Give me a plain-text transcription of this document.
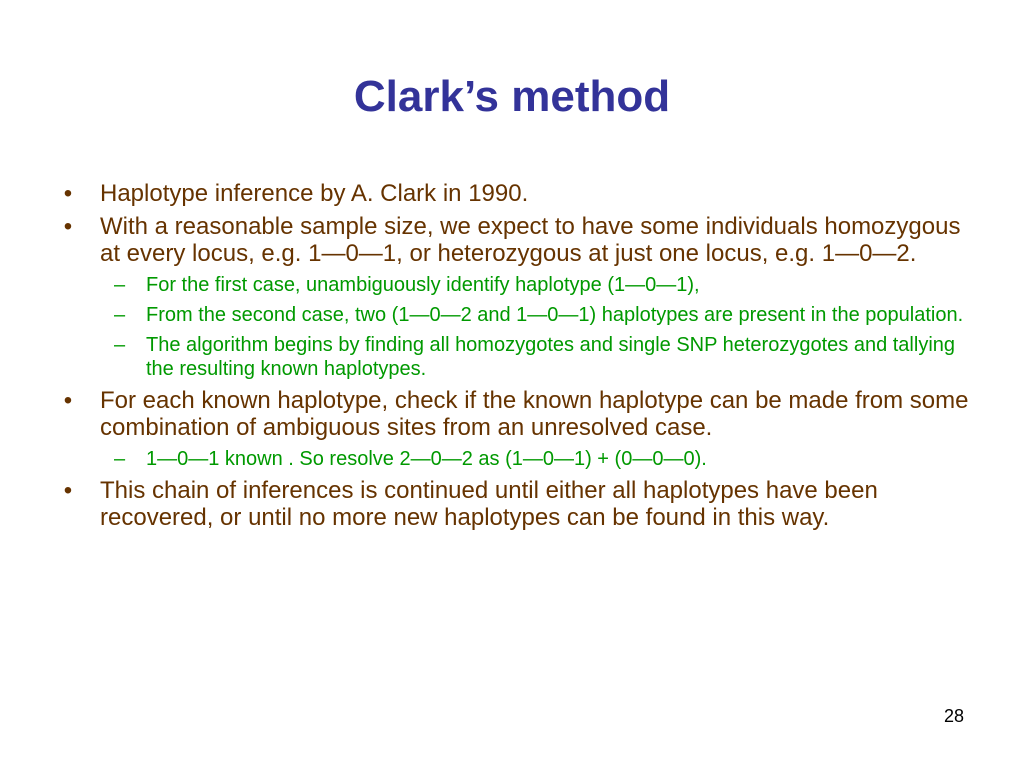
Clark’s method
• Haplotype inference by A. Clark in 1990.
• With a reasonable sample size, we expect to have some individuals homozygous at every locus, e.g. 1—0—1, or heterozygous at just one locus, e.g. 1—0—2.
–	For the first case, unambiguously identify haplotype (1—0—1),
–	From the second case, two (1—0—2 and 1—0—1) haplotypes are present in the population.
–	The algorithm begins by finding all homozygotes and single SNP heterozygotes and tallying the resulting known haplotypes.
• For each known haplotype, check if the known haplotype can be made from some combination of ambiguous sites from an unresolved case.
–	1—0—1 known . So resolve 2—0—2 as (1—0—1) + (0—0—0).
• This chain of inferences is continued until either all haplotypes have been recovered, or until no more new haplotypes can be found in this way.

28
